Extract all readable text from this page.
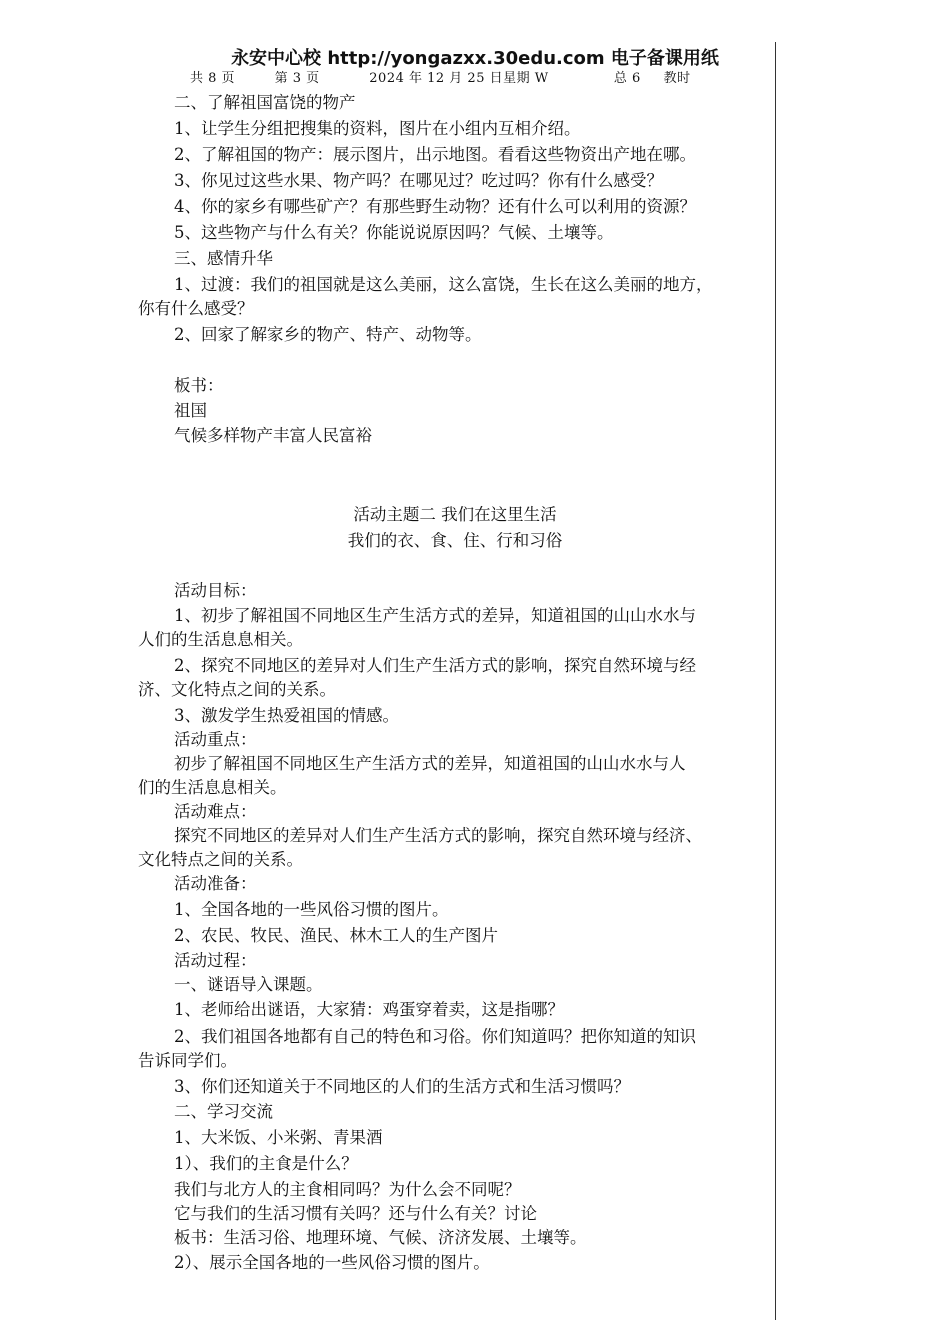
永安中心校 http://yongazxx.30edu.com 电子备课用纸
共 8 页	第 3 页	2024 年 12 月 25 日星期 W	总 6 教时
二、了解祖国富饶的物产
1、让学生分组把搜集的资料，图片在小组内互相介绍。
2、了解祖国的物产：展示图片，出示地图。看看这些物资出产地在哪。
3、你见过这些水果、物产吗？在哪见过？吃过吗？你有什么感受？
4、你的家乡有哪些矿产？有那些野生动物？还有什么可以利用的资源？
5、这些物产与什么有关？你能说说原因吗？气候、土壤等。
三、感情升华
1、过渡：我们的祖国就是这么美丽，这么富饶，生长在这么美丽的地方，
你有什么感受？
2、回家了解家乡的物产、特产、动物等。
板书：
祖国
气候多样物产丰富人民富裕
活动主题二 我们在这里生活
我们的衣、食、住、行和习俗
活动目标：
1、初步了解祖国不同地区生产生活方式的差异，知道祖国的山山水水与
人们的生活息息相关。
2、探究不同地区的差异对人们生产生活方式的影响，探究自然环境与经
济、文化特点之间的关系。
3、激发学生热爱祖国的情感。
活动重点：
初步了解祖国不同地区生产生活方式的差异，知道祖国的山山水水与人
们的生活息息相关。
活动难点：
探究不同地区的差异对人们生产生活方式的影响，探究自然环境与经济、
文化特点之间的关系。
活动准备：
1、全国各地的一些风俗习惯的图片。
2、农民、牧民、渔民、林木工人的生产图片
活动过程：
一、谜语导入课题。
1、老师给出谜语，大家猜：鸡蛋穿着卖，这是指哪？
2、我们祖国各地都有自己的特色和习俗。你们知道吗？把你知道的知识
告诉同学们。
3、你们还知道关于不同地区的人们的生活方式和生活习惯吗？
二、学习交流
1、大米饭、小米粥、青果酒
1）、我们的主食是什么？
我们与北方人的主食相同吗？为什么会不同呢？
它与我们的生活习惯有关吗？还与什么有关？讨论
板书：生活习俗、地理环境、气候、济济发展、土壤等。
2）、展示全国各地的一些风俗习惯的图片。
